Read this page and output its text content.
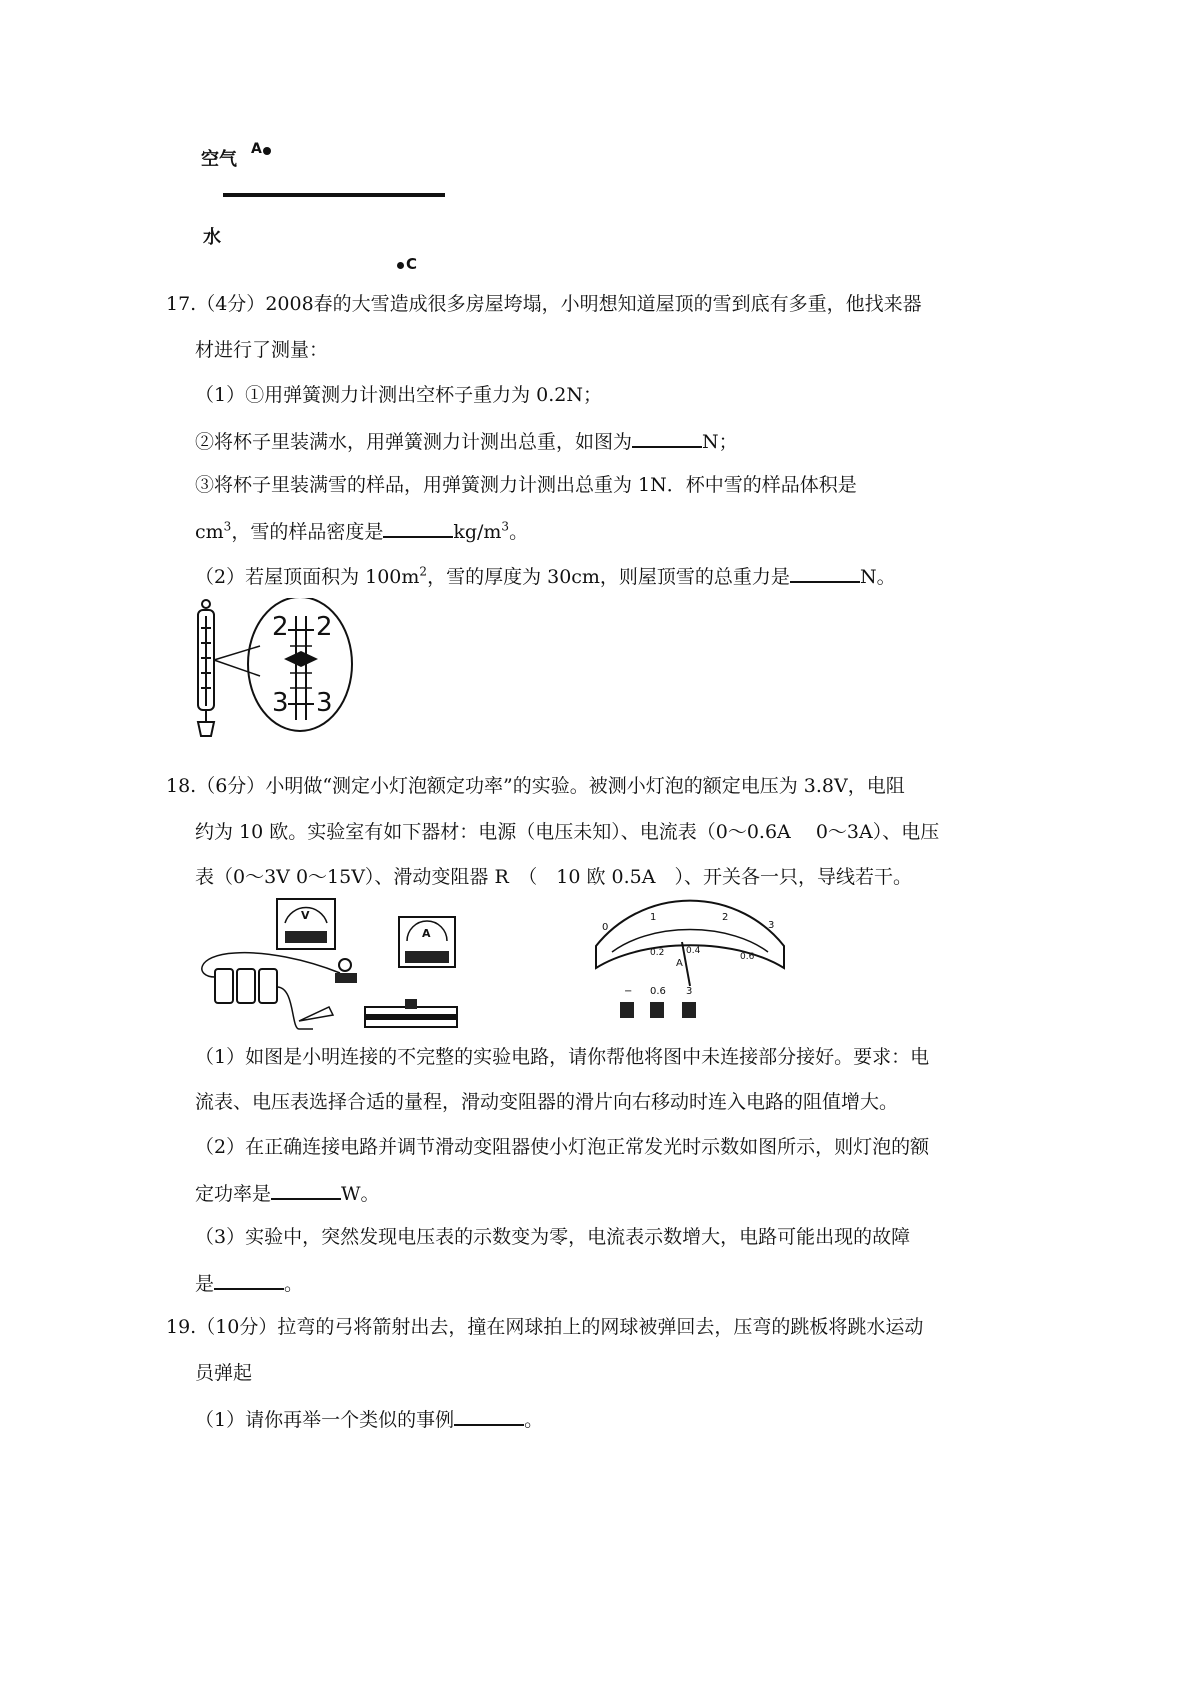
空气 A
水
C
17.（4分）2008春的大雪造成很多房屋垮塌，小明想知道屋顶的雪到底有多重，他找来器
材进行了测量：
（1）①用弹簧测力计测出空杯子重力为 0.2N；
②将杯子里装满水，用弹簧测力计测出总重，如图为	N；
③将杯子里装满雪的样品，用弹簧测力计测出总重为 1N．杯中雪的样品体积是
$cm^3$，雪的样品密度是	$kg/m^3$。
（2）若屋顶面积为 $100m^2$，雪的厚度为 30cm，则屋顶雪的总重力是	N。
2 2
3 3
18.（6分）小明做“测定小灯泡额定功率”的实验。被测小灯泡的额定电压为 3.8V，电阻
约为 10 欧。实验室有如下器材：电源（电压未知）、电流表（0～0.6A　 0～3A）、电压
表（0～3V 0～15V）、滑动变阻器 R　（　10 欧 0.5A　）、开关各一只，导线若干。
V
A	0
1	2
3
0.2 0.4
0.6
A
− 0.6 3
（1）如图是小明连接的不完整的实验电路，请你帮他将图中未连接部分接好。要求：电
流表、电压表选择合适的量程，滑动变阻器的滑片向右移动时连入电路的阻值增大。
（2）在正确连接电路并调节滑动变阻器使小灯泡正常发光时示数如图所示，则灯泡的额
定功率是	W。
（3）实验中，突然发现电压表的示数变为零，电流表示数增大，电路可能出现的故障
是	。
19.（10分）拉弯的弓将箭射出去，撞在网球拍上的网球被弹回去，压弯的跳板将跳水运动
员弹起
（1）请你再举一个类似的事例	。
